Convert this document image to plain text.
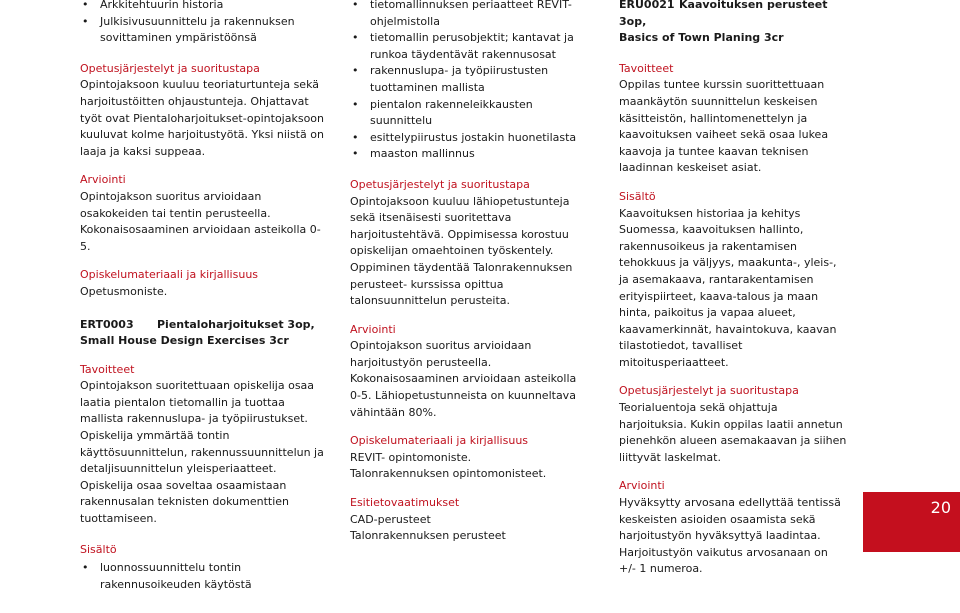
• Arkkitehtuurin historia
• Julkisivusuunnittelu ja rakennuksen sovittaminen ympäristöönsä
Opetusjärjestelyt ja suoritustapa

Opintojaksoon kuuluu teoriaturtunteja sekä harjoitustöitten ohjaustunteja. Ohjattavat työt ovat Pientaloharjoitukset-opintojaksoon kuuluvat kolme harjoitustyötä. Yksi niistä on laaja ja kaksi suppeaa.

Arviointi

Opintojakson suoritus arvioidaan osakokeiden tai tentin perusteella. Kokonaisosaaminen arvioidaan asteikolla 0-5.

Opiskelumateriaali ja kirjallisuus

Opetusmoniste.

ERT0003 Pientaloharjoitukset 3op,
Small House Design Exercises 3cr
Tavoitteet

Opintojakson suoritettuaan opiskelija osaa laatia pientalon tietomallin ja tuottaa mallista rakennuslupa- ja työpiirustukset. Opiskelija ymmärtää tontin käyttösuunnittelun, rakennussuunnittelun ja detaljisuunnittelun yleisperiaatteet. Opiskelija osaa soveltaa osaamistaan rakennusalan teknisten dokumenttien tuottamiseen.

Sisältö
• luonnossuunnittelu tontin rakennusoikeuden käytöstä
• tietomallinnuksen periaatteet REVIT-ohjelmistolla
• tietomallin perusobjektit; kantavat ja runkoa täydentävät rakennusosat
• rakennuslupa- ja työpiirustusten tuottaminen mallista
• pientalon rakenneleikkausten suunnittelu
• esittelypiirustus jostakin huonetilasta
• maaston mallinnus
Opetusjärjestelyt ja suoritustapa

Opintojaksoon kuuluu lähiopetustunteja sekä itsenäisesti suoritettava harjoitustehtävä. Oppimisessa korostuu opiskelijan omaehtoinen työskentely. Oppiminen täydentää Talonrakennuksen perusteet- kurssissa opittua talonsuunnittelun perusteita.

Arviointi

Opintojakson suoritus arvioidaan harjoitustyön perusteella. Kokonaisosaaminen arvioidaan asteikolla 0-5. Lähiopetustunneista on kuunneltava vähintään 80%.

Opiskelumateriaali ja kirjallisuus

REVIT- opintomoniste.

Talonrakennuksen opintomonisteet.

Esitietovaatimukset

CAD-perusteet

Talonrakennuksen perusteet

ERU0021 Kaavoituksen perusteet 3op,
Basics of Town Planing 3cr
Tavoitteet

Oppilas tuntee kurssin suorittettuaan maankäytön suunnittelun keskeisen käsitteistön, hallintomenettelyn ja kaavoituksen vaiheet sekä osaa lukea kaavoja ja tuntee kaavan teknisen laadinnan keskeiset asiat.

Sisältö

Kaavoituksen historiaa ja kehitys Suomessa, kaavoituksen hallinto, rakennusoikeus ja rakentamisen tehokkuus ja väljyys, maakunta-, yleis-, ja asemakaava, rantarakentamisen erityispiirteet, kaava-talous ja maan hinta, paikoitus ja vapaa alueet, kaavamerkinnät, havaintokuva, kaavan tilastotiedot, tavalliset mitoitusperiaatteet.

Opetusjärjestelyt ja suoritustapa

Teorialuentoja sekä ohjattuja harjoituksia. Kukin oppilas laatii annetun pienehkön alueen asemakaavan ja siihen liittyvät laskelmat.

Arviointi

Hyväksytty arvosana edellyttää tentissä keskeisten asioiden osaamista sekä harjoitustyön hyväksyttyä laadintaa. Harjoitustyön vaikutus arvosanaan on +/- 1 numeroa.

20
